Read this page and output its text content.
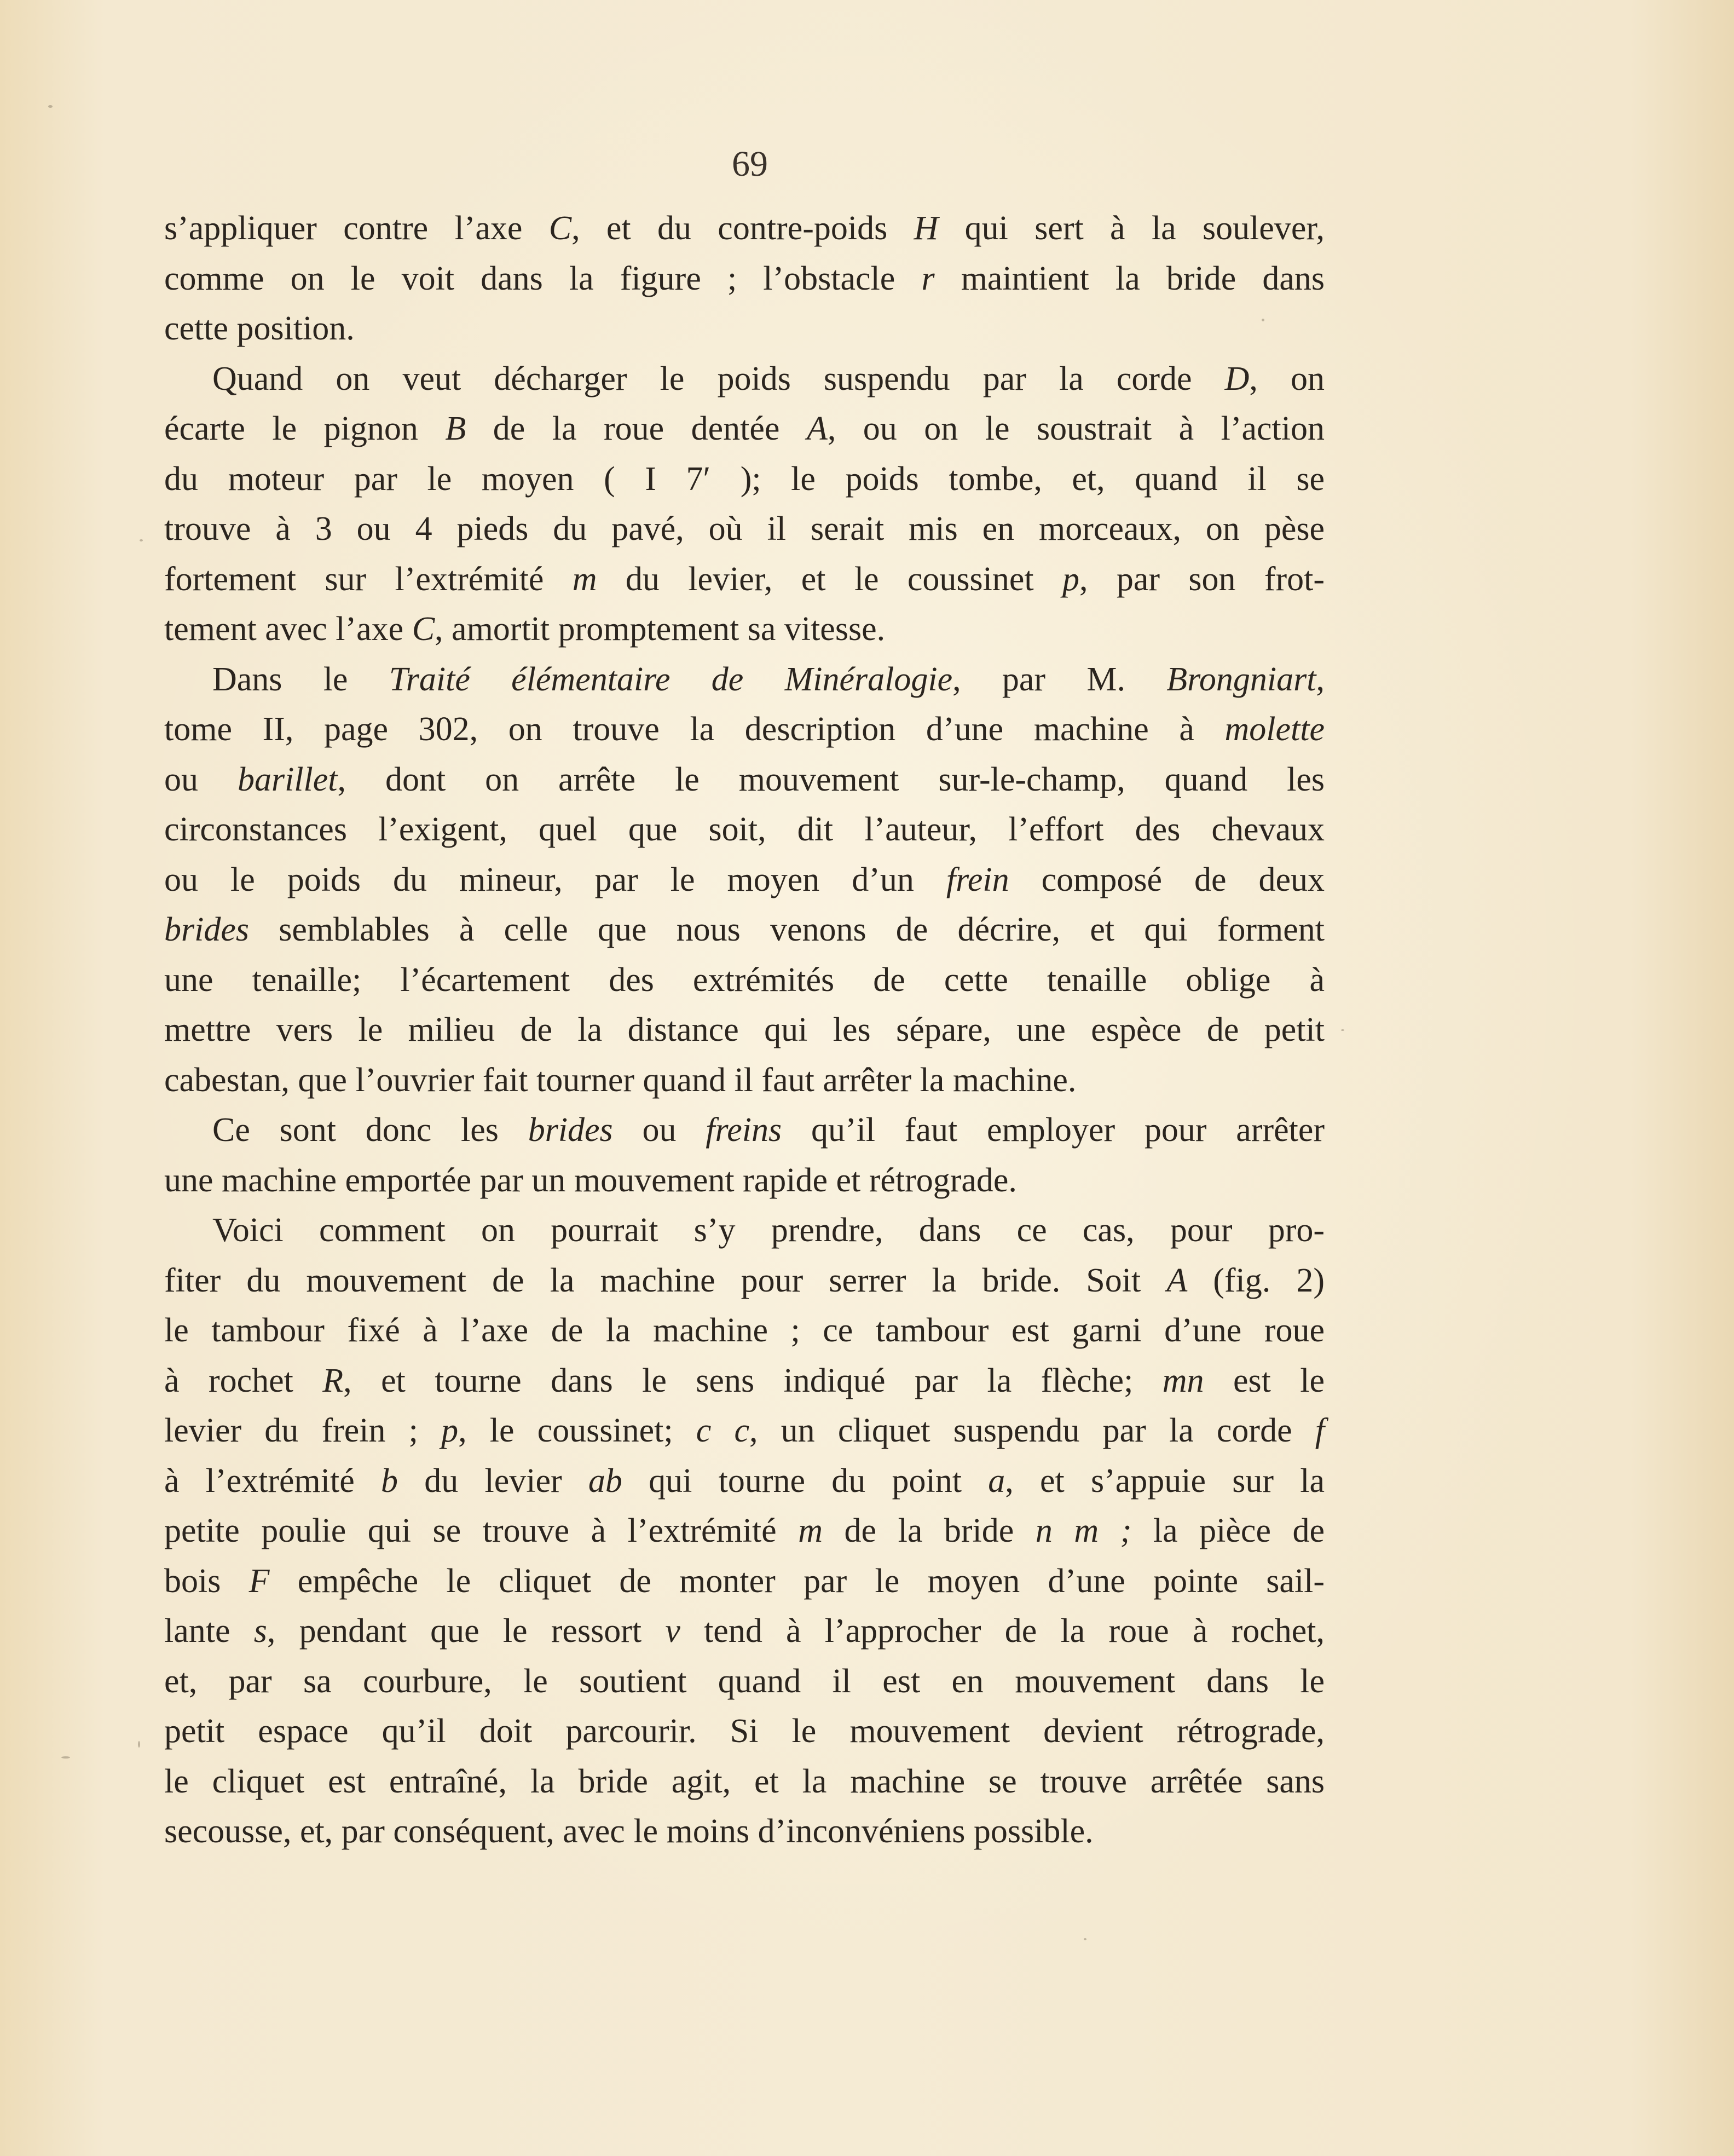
69
s’appliquer contre l’axe C, et du contre-poids H qui sert à la soulever,
comme on le voit dans la figure ; l’obstacle r maintient la bride dans
cette position.
Quand on veut décharger le poids suspendu par la corde D, on
écarte le pignon B de la roue dentée A, ou on le soustrait à l’action
du moteur par le moyen ( I 7′ ); le poids tombe, et, quand il se
trouve à 3 ou 4 pieds du pavé, où il serait mis en morceaux, on pèse
fortement sur l’extrémité m du levier, et le coussinet p, par son frot-
tement avec l’axe C, amortit promptement sa vitesse.
Dans le Traité élémentaire de Minéralogie, par M. Brongniart,
tome II, page 302, on trouve la description d’une machine à molette
ou barillet, dont on arrête le mouvement sur-le-champ, quand les
circonstances l’exigent, quel que soit, dit l’auteur, l’effort des chevaux
ou le poids du mineur, par le moyen d’un frein composé de deux
brides semblables à celle que nous venons de décrire, et qui forment
une tenaille; l’écartement des extrémités de cette tenaille oblige à
mettre vers le milieu de la distance qui les sépare, une espèce de petit
cabestan, que l’ouvrier fait tourner quand il faut arrêter la machine.
Ce sont donc les brides ou freins qu’il faut employer pour arrêter
une machine emportée par un mouvement rapide et rétrograde.
Voici comment on pourrait s’y prendre, dans ce cas, pour pro-
fiter du mouvement de la machine pour serrer la bride. Soit A (fig. 2)
le tambour fixé à l’axe de la machine ; ce tambour est garni d’une roue
à rochet R, et tourne dans le sens indiqué par la flèche; mn est le
levier du frein ; p, le coussinet; c c, un cliquet suspendu par la corde f
à l’extrémité b du levier ab qui tourne du point a, et s’appuie sur la
petite poulie qui se trouve à l’extrémité m de la bride n m ; la pièce de
bois F empêche le cliquet de monter par le moyen d’une pointe sail-
lante s, pendant que le ressort v tend à l’approcher de la roue à rochet,
et, par sa courbure, le soutient quand il est en mouvement dans le
petit espace qu’il doit parcourir. Si le mouvement devient rétrograde,
le cliquet est entraîné, la bride agit, et la machine se trouve arrêtée sans
secousse, et, par conséquent, avec le moins d’inconvéniens possible.
